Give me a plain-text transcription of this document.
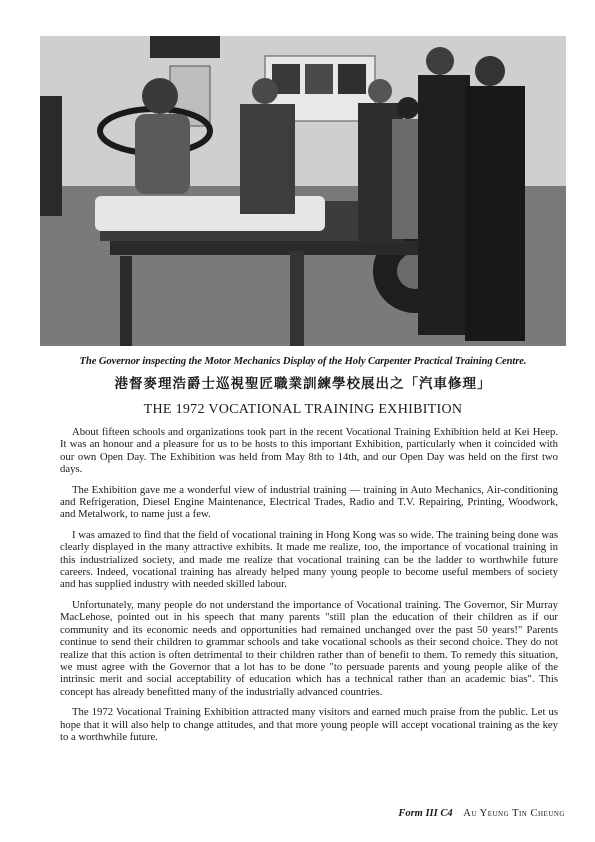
The Governor inspecting the Motor Mechanics Display of the Holy Carpenter Practical Training Centre.
港督麥理浩爵士巡視聖匠職業訓練學校展出之「汽車修理」
THE 1972 VOCATIONAL TRAINING EXHIBITION

About fifteen schools and organizations took part in the recent Vocational Training Exhibition held at Kei Heep. It was an honour and a pleasure for us to be hosts to this important Exhibition, particularly when it coincided with our own Open Day. The Exhibition was held from May 8th to 14th, and our Open Day was held on the first two days.

The Exhibition gave me a wonderful view of industrial training — training in Auto Mechanics, Air-conditioning and Refrigeration, Diesel Engine Maintenance, Electrical Trades, Radio and T.V. Repairing, Printing, Woodwork, and Metalwork, to name just a few.

I was amazed to find that the field of vocational training in Hong Kong was so wide. The training being done was clearly displayed in the many attractive exhibits. It made me realize, too, the importance of vocational training in this industrialized society, and made me realize that vocational training can be the ladder to worthwhile future careers. Indeed, vocational training has already helped many young people to become useful members of society and has supplied industry with needed skilled labour.

Unfortunately, many people do not understand the importance of Vocational training. The Governor, Sir Murray MacLehose, pointed out in his speech that many parents "still plan the education of their children as if our community and its economic needs and opportunities had remained unchanged over the past 50 years!" Parents continue to send their children to grammar schools and take vocational schools as their second choice. They do not realize that this action is often detrimental to their children rather than of benefit to them. To remedy this situation, we must agree with the Governor that a lot has to be done "to persuade parents and young people alike of the intrinsic merit and social acceptability of education which has a technical rather than an academic bias". This concept has already benefitted many of the industrially advanced countries.

The 1972 Vocational Training Exhibition attracted many visitors and earned much praise from the public. Let us hope that it will also help to change attitudes, and that more young people will accept vocational training as the key to a worthwhile future.

Form III C4 Au Yeung Tin Cheung
